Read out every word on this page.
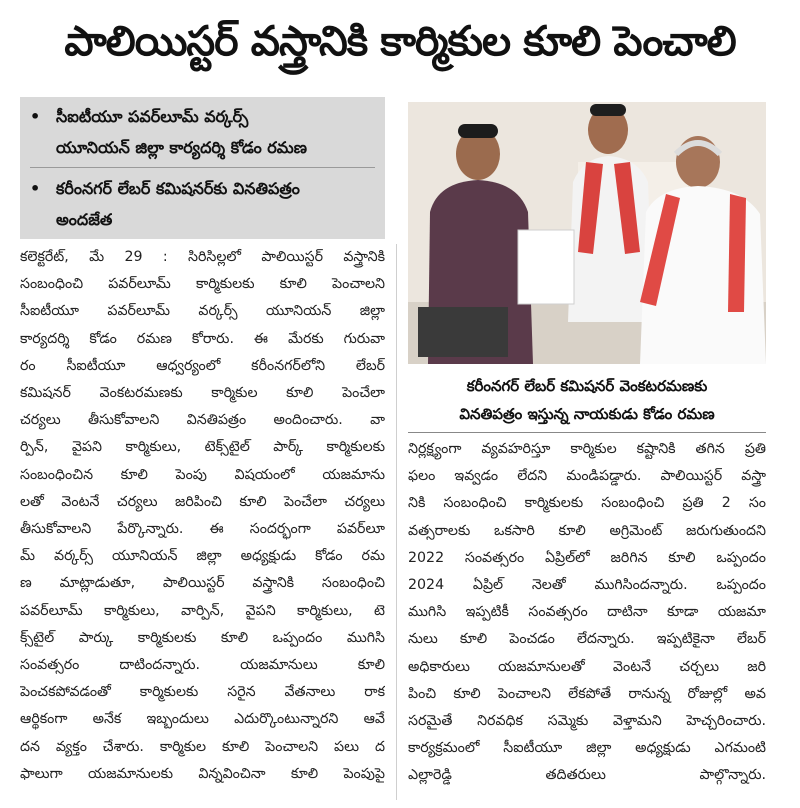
పాలియిస్టర్ వస్త్రానికి కార్మికుల కూలి పెంచాలి
• సీఐటీయూ పవర్‌లూమ్ వర్కర్స్
యూనియన్ జిల్లా కార్యదర్శి కోడం రమణ
• కరీంనగర్ లేబర్ కమిషనర్‌కు వినతిపత్రం
అందజేత
కరీంనగర్ లేబర్ కమిషనర్ వెంకటరమణకు
వినతిపత్రం ఇస్తున్న నాయకుడు కోడం రమణ
కలెక్టరేట్, మే 29 : సిరిసిల్లలో పాలియిస్టర్ వస్త్రానికి
సంబంధించి పవర్‌లూమ్ కార్మికులకు కూలి పెంచాలని
సీఐటీయూ పవర్‌లూమ్ వర్కర్స్ యూనియన్ జిల్లా
కార్యదర్శి కోడం రమణ కోరారు. ఈ మేరకు గురువా
రం సీఐటీయూ ఆధ్వర్యంలో కరీంనగర్‌లోని లేబర్
కమిషనర్ వెంకటరమణకు కార్మికుల కూలి పెంచేలా
చర్యలు తీసుకోవాలని వినతిపత్రం అందించారు. వా
ర్పిన్, వైపని కార్మికులు, టెక్స్‌టైల్ పార్క్ కార్మికులకు
సంబంధించిన కూలి పెంపు విషయంలో యజమాను
లతో వెంటనే చర్యలు జరిపించి కూలి పెంచేలా చర్యలు
తీసుకోవాలని పేర్కొన్నారు. ఈ సందర్భంగా పవర్‌లూ
మ్ వర్కర్స్ యూనియన్ జిల్లా అధ్యక్షుడు కోడం రమ
ణ మాట్లాడుతూ, పాలియిస్టర్ వస్త్రానికి సంబంధించి
పవర్‌లూమ్ కార్మికులు, వార్పిన్, వైపని కార్మికులు, టె
క్స్‌టైల్ పార్కు కార్మికులకు కూలి ఒప్పందం ముగిసి
సంవత్సరం దాటిందన్నారు. యజమానులు కూలి
పెంచకపోవడంతో కార్మికులకు సరైన వేతనాలు రాక
ఆర్థికంగా అనేక ఇబ్బందులు ఎదుర్కొంటున్నారని ఆవే
దన వ్యక్తం చేశారు. కార్మికుల కూలి పెంచాలని పలు ద
ఫాలుగా యజమానులకు విన్నవించినా కూలి పెంపుపై
నిర్లక్ష్యంగా వ్యవహరిస్తూ కార్మికుల కష్టానికి తగిన ప్రతి
ఫలం ఇవ్వడం లేదని మండిపడ్డారు. పాలియిస్టర్ వస్త్రా
నికి సంబంధించి కార్మికులకు సంబంధించి ప్రతి 2 సం
వత్సరాలకు ఒకసారి కూలి అగ్రిమెంట్ జరుగుతుందని
2022 సంవత్సరం ఏప్రిల్‌లో జరిగిన కూలి ఒప్పందం
2024 ఏప్రిల్ నెలతో ముగిసిందన్నారు. ఒప్పందం
ముగిసి ఇప్పటికీ సంవత్సరం దాటినా కూడా యజమా
నులు కూలి పెంచడం లేదన్నారు. ఇప్పటికైనా లేబర్
అధికారులు యజమానులతో వెంటనే చర్చలు జరి
పించి కూలి పెంచాలని లేకపోతే రానున్న రోజుల్లో అవ
సరమైతే నిరవధిక సమ్మెకు వెళ్తామని హెచ్చరించారు.
కార్యక్రమంలో సీఐటీయూ జిల్లా అధ్యక్షుడు ఎగమంటి
ఎల్లారెడ్డి తదితరులు పాల్గొన్నారు.
